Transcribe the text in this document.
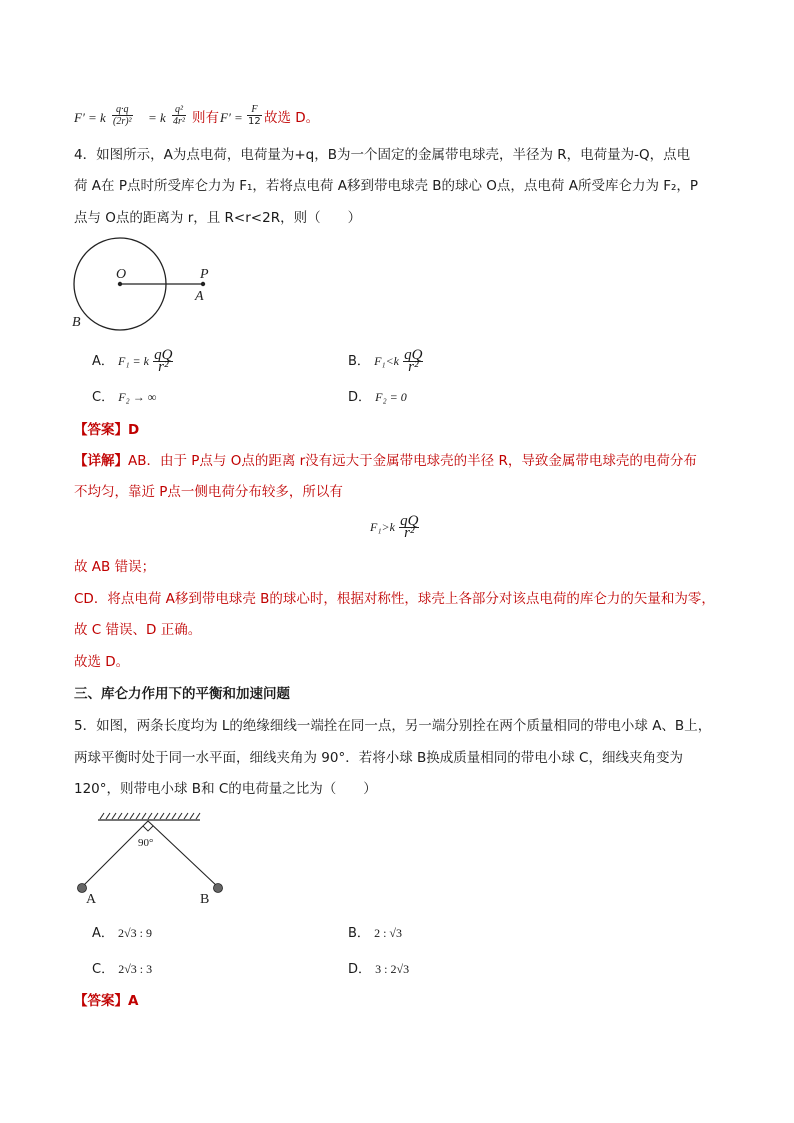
F′ = k $\frac{q\cdot q}{\text{(2r)²}} = k \frac{\text{q²}}{\text{4r²}}$ 则有 $F' = \frac{F}{12}$ 故选 D。
4．如图所示，A为点电荷，电荷量为+q，B为一个固定的金属带电球壳，半径为 R，电荷量为-Q，点电
荷 A在 P点时所受库仑力为 F₁，若将点电荷 A移到带电球壳 B的球心 O点，点电荷 A所受库仑力为 F₂，P
点与 O点的距离为 r，且 R<r<2R，则（　　）
O	P
A
B
A． F₁ = k $\frac{qQ}{\text{r²}}$	B． $F_1<k \frac{qQ}{\text{r²}}$
C． F₂ → ∞	D． F₂ = 0
【答案】D
【详解】AB．由于 P点与 O点的距离 r没有远大于金属带电球壳的半径 R，导致金属带电球壳的电荷分布
不均匀，靠近 P点一侧电荷分布较多，所以有
$F_1>k \frac{qQ}{\text{r²}}$
故 AB 错误；
CD．将点电荷 A移到带电球壳 B的球心时，根据对称性，球壳上各部分对该点电荷的库仑力的矢量和为零，
故 C 错误、D 正确。
故选 D。
三、库仑力作用下的平衡和加速问题
5．如图，两条长度均为 L的绝缘细线一端拴在同一点，另一端分别拴在两个质量相同的带电小球 A、B上，
两球平衡时处于同一水平面，细线夹角为 90°．若将小球 B换成质量相同的带电小球 C，细线夹角变为
120°，则带电小球 B和 C的电荷量之比为（　　）
90°
A	B
A． 2√3 : 9	B． 2 : √3
C． 2√3 : 3	D． 3 : 2√3
【答案】A
